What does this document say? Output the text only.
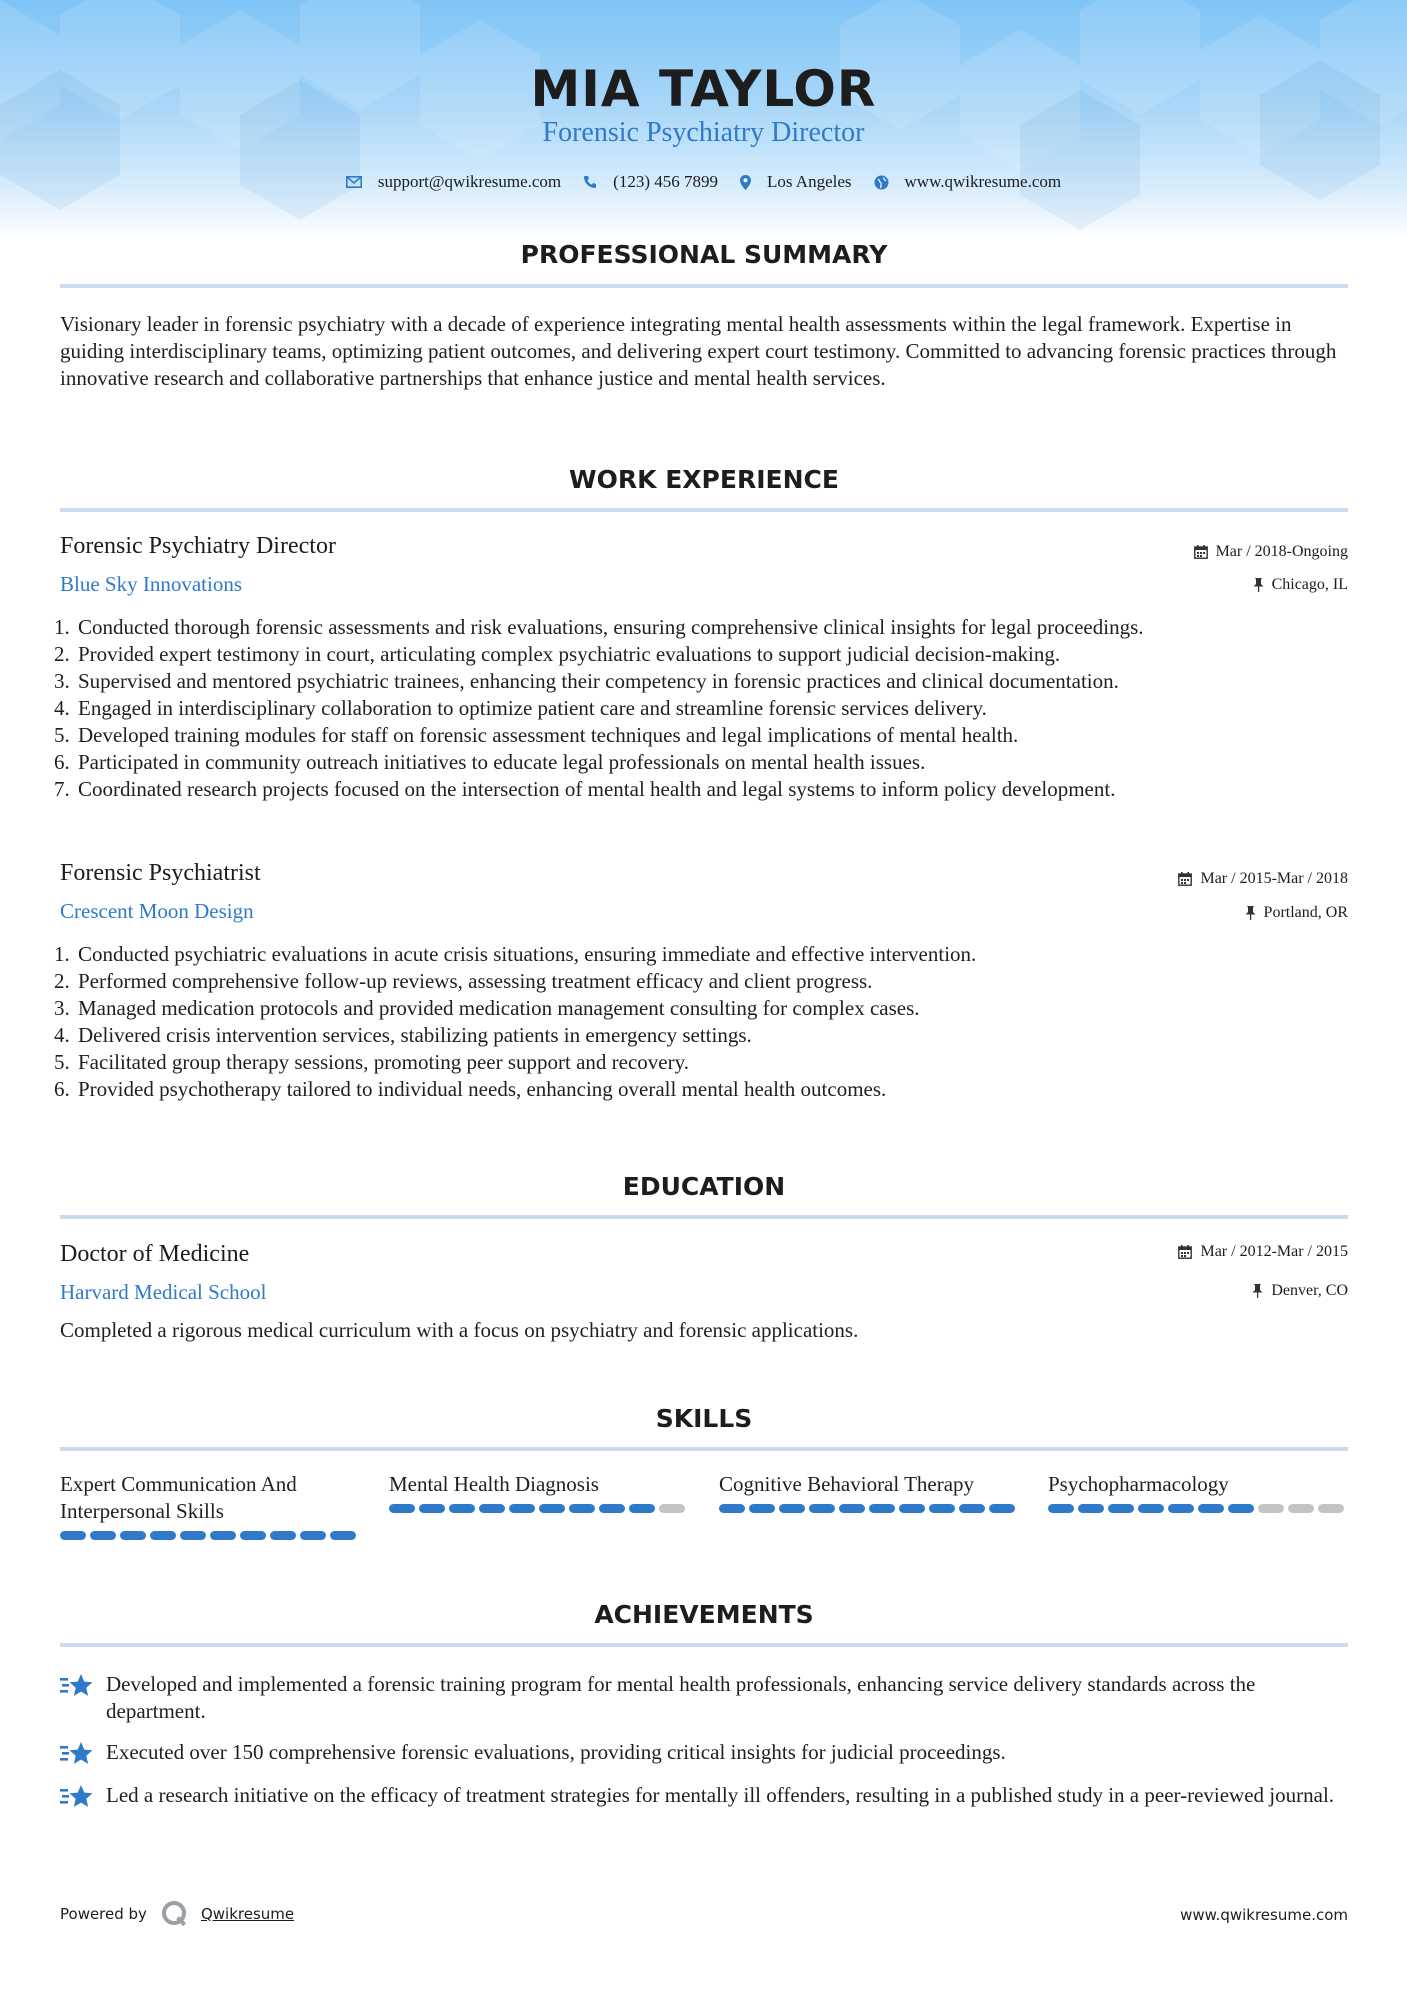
MIA TAYLOR
Forensic Psychiatry Director
support@qwikresume.com	(123) 456 7899	Los Angeles	www.qwikresume.com
PROFESSIONAL SUMMARY
Visionary leader in forensic psychiatry with a decade of experience integrating mental health assessments within the legal framework. Expertise in guiding interdisciplinary teams, optimizing patient outcomes, and delivering expert court testimony. Committed to advancing forensic practices through innovative research and collaborative partnerships that enhance justice and mental health services.
WORK EXPERIENCE
Forensic Psychiatry Director
Blue Sky Innovations
Mar / 2018-Ongoing
Chicago, IL
Conducted thorough forensic assessments and risk evaluations, ensuring comprehensive clinical insights for legal proceedings.
Provided expert testimony in court, articulating complex psychiatric evaluations to support judicial decision-making.
Supervised and mentored psychiatric trainees, enhancing their competency in forensic practices and clinical documentation.
Engaged in interdisciplinary collaboration to optimize patient care and streamline forensic services delivery.
Developed training modules for staff on forensic assessment techniques and legal implications of mental health.
Participated in community outreach initiatives to educate legal professionals on mental health issues.
Coordinated research projects focused on the intersection of mental health and legal systems to inform policy development.
Forensic Psychiatrist
Crescent Moon Design
Mar / 2015-Mar / 2018
Portland, OR
Conducted psychiatric evaluations in acute crisis situations, ensuring immediate and effective intervention.
Performed comprehensive follow-up reviews, assessing treatment efficacy and client progress.
Managed medication protocols and provided medication management consulting for complex cases.
Delivered crisis intervention services, stabilizing patients in emergency settings.
Facilitated group therapy sessions, promoting peer support and recovery.
Provided psychotherapy tailored to individual needs, enhancing overall mental health outcomes.
EDUCATION
Doctor of Medicine
Harvard Medical School
Mar / 2012-Mar / 2015
Denver, CO
Completed a rigorous medical curriculum with a focus on psychiatry and forensic applications.
SKILLS
Expert Communication And Interpersonal Skills
Mental Health Diagnosis	Cognitive Behavioral Therapy	Psychopharmacology
ACHIEVEMENTS
Developed and implemented a forensic training program for mental health professionals, enhancing service delivery standards across the department.
Executed over 150 comprehensive forensic evaluations, providing critical insights for judicial proceedings.
Led a research initiative on the efficacy of treatment strategies for mentally ill offenders, resulting in a published study in a peer-reviewed journal.
Powered by	Qwikresume	www.qwikresume.com
